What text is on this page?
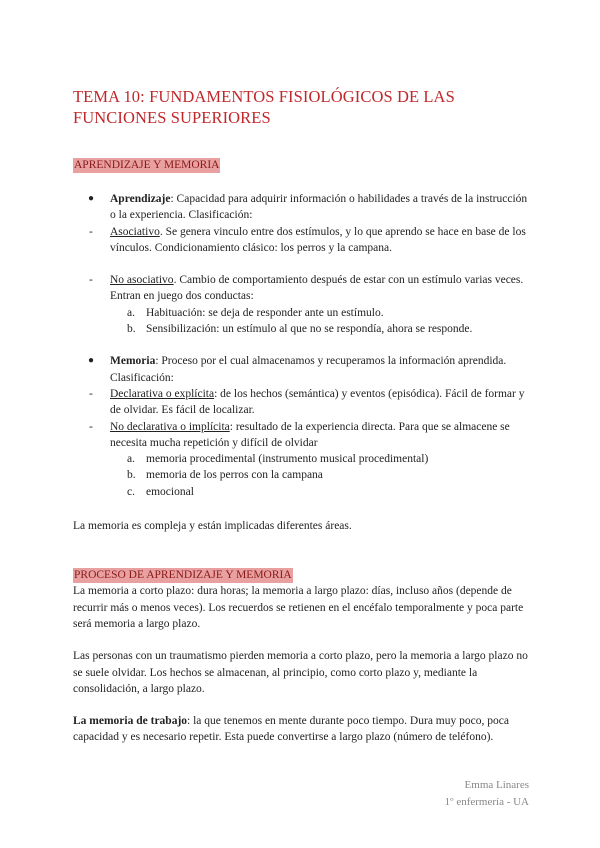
TEMA 10: FUNDAMENTOS FISIOLÓGICOS DE LAS FUNCIONES SUPERIORES
APRENDIZAJE Y MEMORIA
● Aprendizaje: Capacidad para adquirir información o habilidades a través de la instrucción o la experiencia. Clasificación:
- Asociativo. Se genera vinculo entre dos estímulos, y lo que aprendo se hace en base de los vínculos. Condicionamiento clásico: los perros y la campana.
- No asociativo. Cambio de comportamiento después de estar con un estímulo varias veces. Entran en juego dos conductas:
a. Habituación: se deja de responder ante un estímulo.
b. Sensibilización: un estímulo al que no se respondía, ahora se responde.
● Memoria: Proceso por el cual almacenamos y recuperamos la información aprendida. Clasificación:
- Declarativa o explícita: de los hechos (semántica) y eventos (episódica). Fácil de formar y de olvidar. Es fácil de localizar.
- No declarativa o implícita: resultado de la experiencia directa. Para que se almacene se necesita mucha repetición y difícil de olvidar
a. memoria procedimental (instrumento musical procedimental)
b. memoria de los perros con la campana
c. emocional

La memoria es compleja y están implicadas diferentes áreas.

PROCESO DE APRENDIZAJE Y MEMORIA

La memoria a corto plazo: dura horas; la memoria a largo plazo: días, incluso años (depende de recurrir más o menos veces). Los recuerdos se retienen en el encéfalo temporalmente y poca parte será memoria a largo plazo.

Las personas con un traumatismo pierden memoria a corto plazo, pero la memoria a largo plazo no se suele olvidar. Los hechos se almacenan, al principio, como corto plazo y, mediante la consolidación, a largo plazo.

La memoria de trabajo: la que tenemos en mente durante poco tiempo. Dura muy poco, poca capacidad y es necesario repetir. Esta puede convertirse a largo plazo (número de teléfono).

Emma Linares
1º enfermería - UA
